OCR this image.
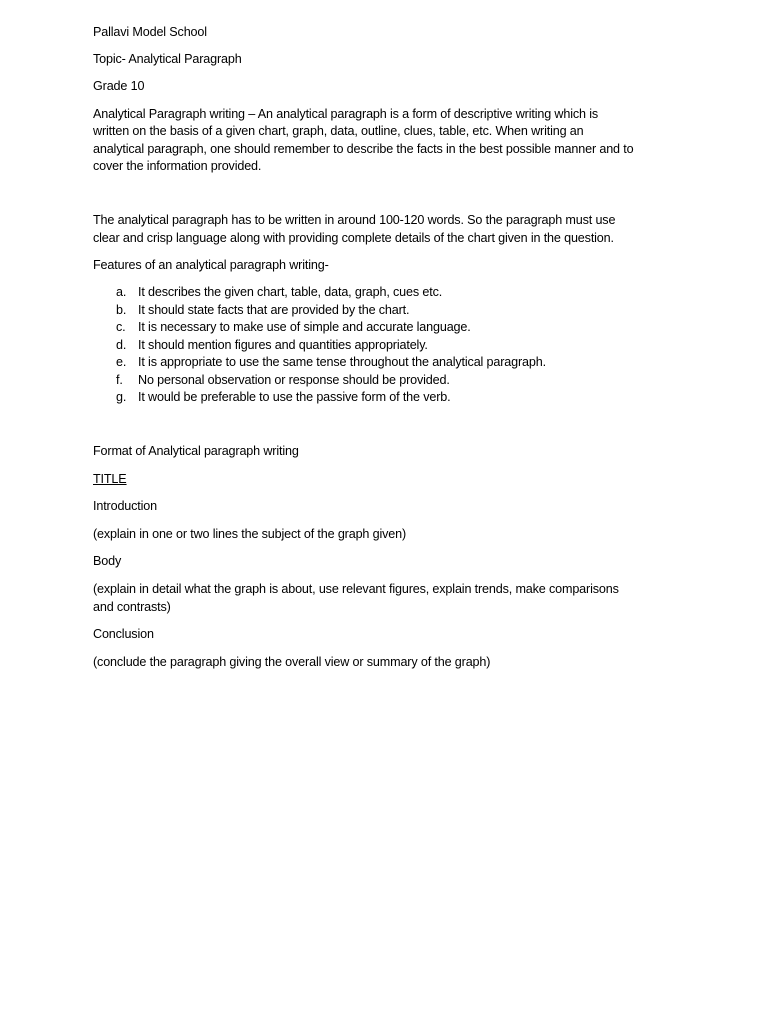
Pallavi Model School

Topic- Analytical Paragraph

Grade 10

Analytical Paragraph writing – An analytical paragraph is a form of descriptive writing which is

written on the basis of a given chart, graph, data, outline, clues, table, etc. When writing an

analytical paragraph, one should remember to describe the facts in the best possible manner and to

cover the information provided.

The analytical paragraph has to be written in around 100-120 words. So the paragraph must use

clear and crisp language along with providing complete details of the chart given in the question.

Features of an analytical paragraph writing-

a. It describes the given chart, table, data, graph, cues etc.
b. It should state facts that are provided by the chart.
c. It is necessary to make use of simple and accurate language.
d. It should mention figures and quantities appropriately.
e. It is appropriate to use the same tense throughout the analytical paragraph.
f.	No personal observation or response should be provided.
g. It would be preferable to use the passive form of the verb.

Format of Analytical paragraph writing

TITLE

Introduction

(explain in one or two lines the subject of the graph given)

Body

(explain in detail what the graph is about, use relevant figures, explain trends, make comparisons

and contrasts)

Conclusion

(conclude the paragraph giving the overall view or summary of the graph)
